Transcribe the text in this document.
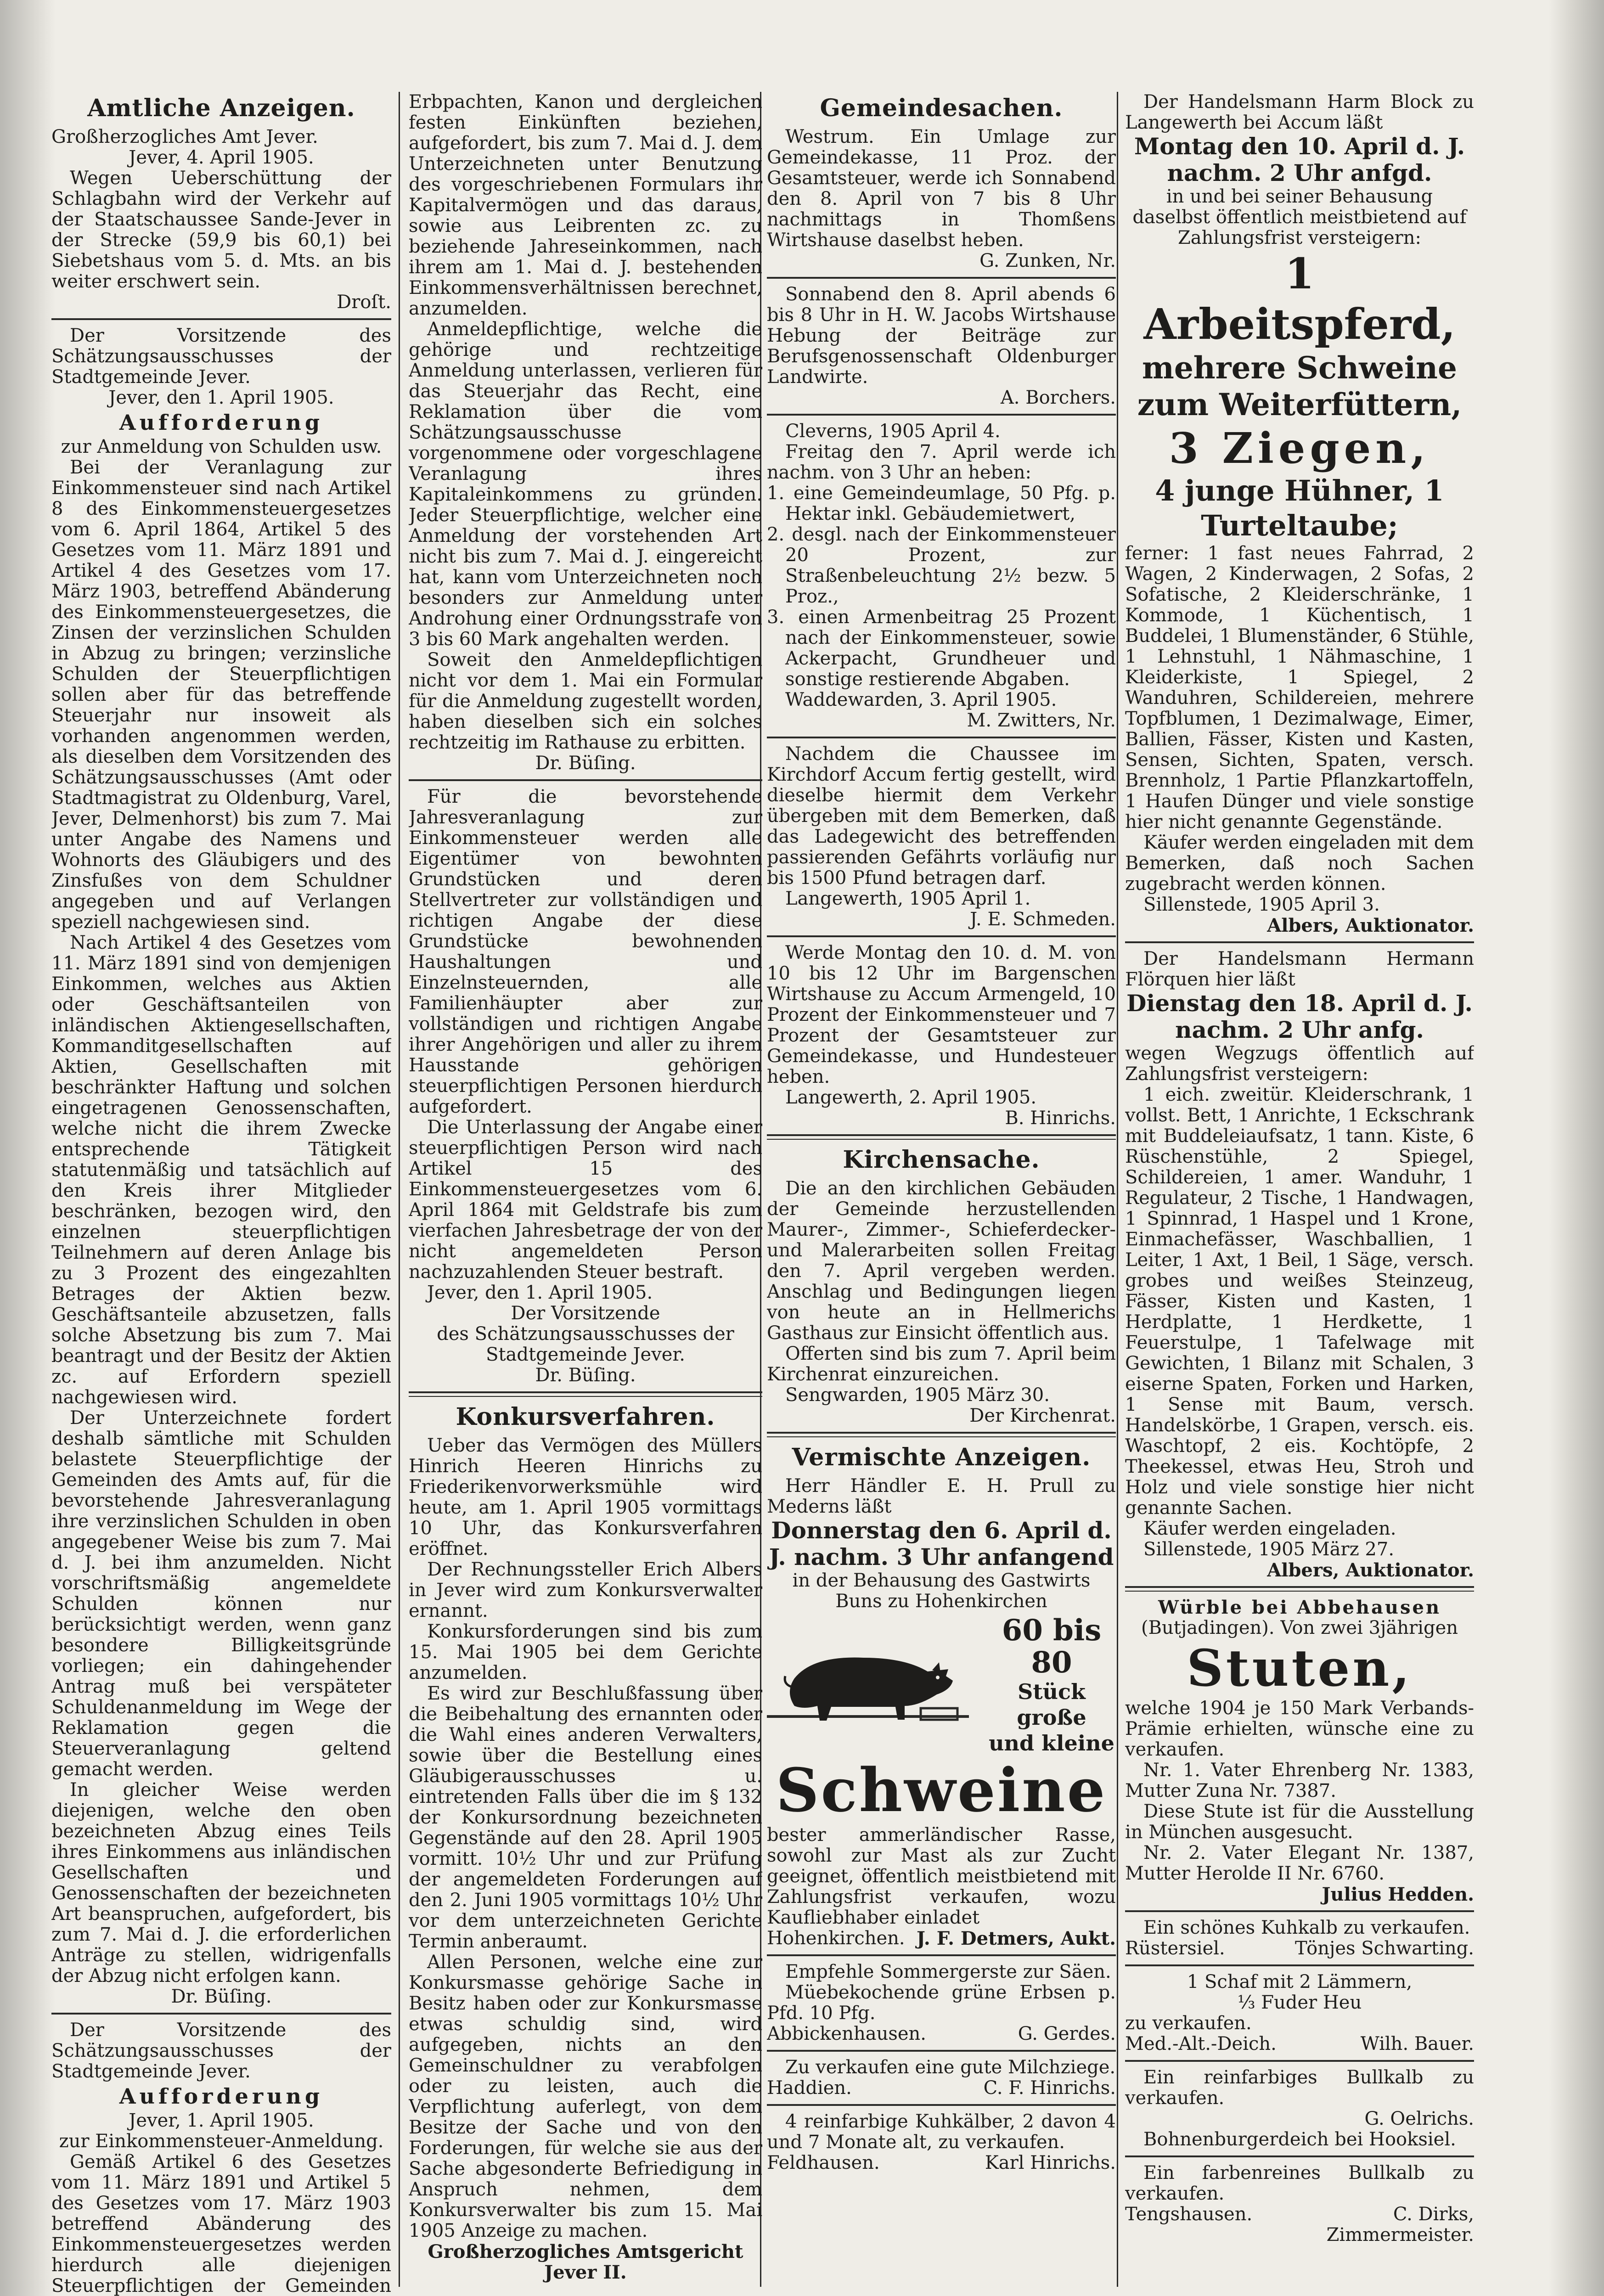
Amtliche Anzeigen.

Großherzogliches Amt Jever.

Jever, 4. April 1905.

Wegen Ueberschüttung der Schlagbahn wird der Verkehr auf der Staatschaussee Sande-Jever in der Strecke (59,9 bis 60,1) bei Siebetshaus vom 5. d. Mts. an bis weiter erschwert sein.

Droſt.

Der Vorsitzende des Schätzungsausschusses der Stadtgemeinde Jever.

Jever, den 1. April 1905.

Aufforderung

zur Anmeldung von Schulden usw.

Bei der Veranlagung zur Einkommensteuer sind nach Artikel 8 des Einkommensteuergesetzes vom 6. April 1864, Artikel 5 des Gesetzes vom 11. März 1891 und Artikel 4 des Gesetzes vom 17. März 1903, betreffend Abänderung des Einkommensteuergesetzes, die Zinsen der verzinslichen Schulden in Abzug zu bringen; verzinsliche Schulden der Steuerpflichtigen sollen aber für das betreffende Steuerjahr nur insoweit als vorhanden angenommen werden, als dieselben dem Vorsitzenden des Schätzungsausschusses (Amt oder Stadtmagistrat zu Oldenburg, Varel, Jever, Delmenhorst) bis zum 7. Mai unter Angabe des Namens und Wohnorts des Gläubigers und des Zinsfußes von dem Schuldner angegeben und auf Verlangen speziell nachgewiesen sind.

Nach Artikel 4 des Gesetzes vom 11. März 1891 sind von demjenigen Einkommen, welches aus Aktien oder Geschäftsanteilen von inländischen Aktiengesellschaften, Kommanditgesellschaften auf Aktien, Gesellschaften mit beschränkter Haftung und solchen eingetragenen Genossenschaften, welche nicht die ihrem Zwecke entsprechende Tätigkeit statutenmäßig und tatsächlich auf den Kreis ihrer Mitglieder beschränken, bezogen wird, den einzelnen steuerpflichtigen Teilnehmern auf deren Anlage bis zu 3 Prozent des eingezahlten Betrages der Aktien bezw. Geschäftsanteile abzusetzen, falls solche Absetzung bis zum 7. Mai beantragt und der Besitz der Aktien zc. auf Erfordern speziell nachgewiesen wird.

Der Unterzeichnete fordert deshalb sämtliche mit Schulden belastete Steuerpflichtige der Gemeinden des Amts auf, für die bevorstehende Jahresveranlagung ihre verzinslichen Schulden in oben angegebener Weise bis zum 7. Mai d. J. bei ihm anzumelden. Nicht vorschriftsmäßig angemeldete Schulden können nur berücksichtigt werden, wenn ganz besondere Billigkeitsgründe vorliegen; ein dahingehender Antrag muß bei verspäteter Schuldenanmeldung im Wege der Reklamation gegen die Steuerveranlagung geltend gemacht werden.

In gleicher Weise werden diejenigen, welche den oben bezeichneten Abzug eines Teils ihres Einkommens aus inländischen Gesellschaften und Genossenschaften der bezeichneten Art beanspruchen, aufgefordert, bis zum 7. Mai d. J. die erforderlichen Anträge zu stellen, widrigenfalls der Abzug nicht erfolgen kann.

Dr. Büſing.

Der Vorsitzende des Schätzungsausschusses der Stadtgemeinde Jever.

Aufforderung

Jever, 1. April 1905.

zur Einkommensteuer-Anmeldung.

Gemäß Artikel 6 des Gesetzes vom 11. März 1891 und Artikel 5 des Gesetzes vom 17. März 1903 betreffend Abänderung des Einkommensteuergesetzes werden hierdurch alle diejenigen Steuerpflichtigen der Gemeinden

Erbpachten, Kanon und dergleichen festen Einkünften beziehen, aufgefordert, bis zum 7. Mai d. J. dem Unterzeichneten unter Benutzung des vorgeschriebenen Formulars ihr Kapitalvermögen und das daraus, sowie aus Leibrenten zc. zu beziehende Jahreseinkommen, nach ihrem am 1. Mai d. J. bestehenden Einkommensverhältnissen berechnet, anzumelden.

Anmeldepflichtige, welche die gehörige und rechtzeitige Anmeldung unterlassen, verlieren für das Steuerjahr das Recht, eine Reklamation über die vom Schätzungsausschusse vorgenommene oder vorgeschlagene Veranlagung ihres Kapitaleinkommens zu gründen. Jeder Steuerpflichtige, welcher eine Anmeldung der vorstehenden Art nicht bis zum 7. Mai d. J. eingereicht hat, kann vom Unterzeichneten noch besonders zur Anmeldung unter Androhung einer Ordnungsstrafe von 3 bis 60 Mark angehalten werden.

Soweit den Anmeldepflichtigen nicht vor dem 1. Mai ein Formular für die Anmeldung zugestellt worden, haben dieselben sich ein solches rechtzeitig im Rathause zu erbitten.

Dr. Büſing.

Für die bevorstehende Jahresveranlagung zur Einkommensteuer werden alle Eigentümer von bewohnten Grundstücken und deren Stellvertreter zur vollständigen und richtigen Angabe der diese Grundstücke bewohnenden Haushaltungen und Einzelnsteuernden, alle Familienhäupter aber zur vollständigen und richtigen Angabe ihrer Angehörigen und aller zu ihrem Hausstande gehörigen steuerpflichtigen Personen hierdurch aufgefordert.

Die Unterlassung der Angabe einer steuerpflichtigen Person wird nach Artikel 15 des Einkommensteuergesetzes vom 6. April 1864 mit Geldstrafe bis zum vierfachen Jahresbetrage der von der nicht angemeldeten Person nachzuzahlenden Steuer bestraft.

Jever, den 1. April 1905.

Der Vorsitzende

des Schätzungsausschusses der Stadtgemeinde Jever.

Dr. Büſing.

Konkursverfahren.

Ueber das Vermögen des Müllers Hinrich Heeren Hinrichs zu Friederikenvorwerksmühle wird heute, am 1. April 1905 vormittags 10 Uhr, das Konkursverfahren eröffnet.

Der Rechnungssteller Erich Albers in Jever wird zum Konkursverwalter ernannt.

Konkursforderungen sind bis zum 15. Mai 1905 bei dem Gerichte anzumelden.

Es wird zur Beschlußfassung über die Beibehaltung des ernannten oder die Wahl eines anderen Verwalters, sowie über die Bestellung eines Gläubigerausschusses u. eintretenden Falls über die im § 132 der Konkursordnung bezeichneten Gegenstände auf den 28. April 1905 vormitt. 10½ Uhr und zur Prüfung der angemeldeten Forderungen auf den 2. Juni 1905 vormittags 10½ Uhr vor dem unterzeichneten Gerichte Termin anberaumt.

Allen Personen, welche eine zur Konkursmasse gehörige Sache in Besitz haben oder zur Konkursmasse etwas schuldig sind, wird aufgegeben, nichts an den Gemeinschuldner zu verabfolgen oder zu leisten, auch die Verpflichtung auferlegt, von dem Besitze der Sache und von den Forderungen, für welche sie aus der Sache abgesonderte Befriedigung in Anspruch nehmen, dem Konkursverwalter bis zum 15. Mai 1905 Anzeige zu machen.

Großherzogliches Amtsgericht Jever II.

Gemeindesachen.

Westrum. Ein Umlage zur Gemeindekasse, 11 Proz. der Gesamtsteuer, werde ich Sonnabend den 8. April von 7 bis 8 Uhr nachmittags in Thomßens Wirtshause daselbst heben.

G. Zunken, Nr.

Sonnabend den 8. April abends 6 bis 8 Uhr in H. W. Jacobs Wirtshause Hebung der Beiträge zur Berufsgenossenschaft Oldenburger Landwirte.

A. Borchers.

Cleverns, 1905 April 4.

Freitag den 7. April werde ich nachm. von 3 Uhr an heben:

1. eine Gemeindeumlage, 50 Pfg. p. Hektar inkl. Gebäudemietwert,

2. desgl. nach der Einkommensteuer 20 Prozent, zur Straßenbeleuchtung 2½ bezw. 5 Proz.,

3. einen Armenbeitrag 25 Prozent nach der Einkommensteuer, sowie Ackerpacht, Grundheuer und sonstige restierende Abgaben.

Waddewarden, 3. April 1905.

M. Zwitters, Nr.

Nachdem die Chaussee im Kirchdorf Accum fertig gestellt, wird dieselbe hiermit dem Verkehr übergeben mit dem Bemerken, daß das Ladegewicht des betreffenden passierenden Gefährts vorläufig nur bis 1500 Pfund betragen darf.

Langewerth, 1905 April 1.

J. E. Schmeden.

Werde Montag den 10. d. M. von 10 bis 12 Uhr im Bargenschen Wirtshause zu Accum Armengeld, 10 Prozent der Einkommensteuer und 7 Prozent der Gesamtsteuer zur Gemeindekasse, und Hundesteuer heben.

Langewerth, 2. April 1905.

B. Hinrichs.

Kirchensache.

Die an den kirchlichen Gebäuden der Gemeinde herzustellenden Maurer-, Zimmer-, Schieferdecker- und Malerarbeiten sollen Freitag den 7. April vergeben werden. Anschlag und Bedingungen liegen von heute an in Hellmerichs Gasthaus zur Einsicht öffentlich aus.

Offerten sind bis zum 7. April beim Kirchenrat einzureichen.

Sengwarden, 1905 März 30.

Der Kirchenrat.

Vermischte Anzeigen.

Herr Händler E. H. Prull zu Mederns läßt

Donnerstag den 6. April d. J. nachm. 3 Uhr anfangend

in der Behausung des Gastwirts Buns zu Hohenkirchen

60 bis 80
Stück große
und kleine

Schweine

bester ammerländischer Rasse, sowohl zur Mast als zur Zucht geeignet, öffentlich meistbietend mit Zahlungsfrist verkaufen, wozu Kaufliebhaber einladet

Hohenkirchen. J. F. Detmers, Aukt.

Empfehle Sommergerste zur Säen.

Müebekochende grüne Erbsen p. Pfd. 10 Pfg.

Abbickenhausen.	G. Gerdes.

Zu verkaufen eine gute Milchziege.

Haddien.	C. F. Hinrichs.

4 reinfarbige Kuhkälber, 2 davon 4 und 7 Monate alt, zu verkaufen.

Feldhausen.	Karl Hinrichs.

Der Handelsmann Harm Block zu Langewerth bei Accum läßt

Montag den 10. April d. J. nachm. 2 Uhr anfgd.

in und bei seiner Behausung daselbst öffentlich meistbietend auf Zahlungsfrist versteigern:

1 Arbeitspferd,

mehrere Schweine zum Weiterfüttern,

3 Ziegen,

4 junge Hühner, 1 Turteltaube;

ferner: 1 fast neues Fahrrad, 2 Wagen, 2 Kinderwagen, 2 Sofas, 2 Sofatische, 2 Kleiderschränke, 1 Kommode, 1 Küchentisch, 1 Buddelei, 1 Blumenständer, 6 Stühle, 1 Lehnstuhl, 1 Nähmaschine, 1 Kleiderkiste, 1 Spiegel, 2 Wanduhren, Schildereien, mehrere Topfblumen, 1 Dezimalwage, Eimer, Ballien, Fässer, Kisten und Kasten, Sensen, Sichten, Spaten, versch. Brennholz, 1 Partie Pflanzkartoffeln, 1 Haufen Dünger und viele sonstige hier nicht genannte Gegenstände.

Käufer werden eingeladen mit dem Bemerken, daß noch Sachen zugebracht werden können.

Sillenstede, 1905 April 3.

Albers, Auktionator.

Der Handelsmann Hermann Flörquen hier läßt

Dienstag den 18. April d. J. nachm. 2 Uhr anfg.

wegen Wegzugs öffentlich auf Zahlungsfrist versteigern:

1 eich. zweitür. Kleiderschrank, 1 vollst. Bett, 1 Anrichte, 1 Eckschrank mit Buddeleiaufsatz, 1 tann. Kiste, 6 Rüschenstühle, 2 Spiegel, Schildereien, 1 amer. Wanduhr, 1 Regulateur, 2 Tische, 1 Handwagen, 1 Spinnrad, 1 Haspel und 1 Krone, Einmachefässer, Waschballien, 1 Leiter, 1 Axt, 1 Beil, 1 Säge, versch. grobes und weißes Steinzeug, Fässer, Kisten und Kasten, 1 Herdplatte, 1 Herdkette, 1 Feuerstulpe, 1 Tafelwage mit Gewichten, 1 Bilanz mit Schalen, 3 eiserne Spaten, Forken und Harken, 1 Sense mit Baum, versch. Handelskörbe, 1 Grapen, versch. eis. Waschtopf, 2 eis. Kochtöpfe, 2 Theekessel, etwas Heu, Stroh und Holz und viele sonstige hier nicht genannte Sachen.

Käufer werden eingeladen.

Sillenstede, 1905 März 27.

Albers, Auktionator.

Würble bei Abbehausen

(Butjadingen). Von zwei 3jährigen

Stuten,

welche 1904 je 150 Mark Verbands-Prämie erhielten, wünsche eine zu verkaufen.

Nr. 1. Vater Ehrenberg Nr. 1383, Mutter Zuna Nr. 7387.

Diese Stute ist für die Ausstellung in München ausgesucht.

Nr. 2. Vater Elegant Nr. 1387, Mutter Herolde II Nr. 6760.

Julius Hedden.

Ein schönes Kuhkalb zu verkaufen.

Rüstersiel.	Tönjes Schwarting.

1 Schaf mit 2 Lämmern,

⅓ Fuder Heu

zu verkaufen.

Med.-Alt.-Deich.	Wilh. Bauer.

Ein reinfarbiges Bullkalb zu verkaufen.

G. Oelrichs.

Bohnenburgerdeich bei Hooksiel.

Ein farbenreines Bullkalb zu verkaufen.

Tengshausen.	C. Dirks,

Zimmermeister.
